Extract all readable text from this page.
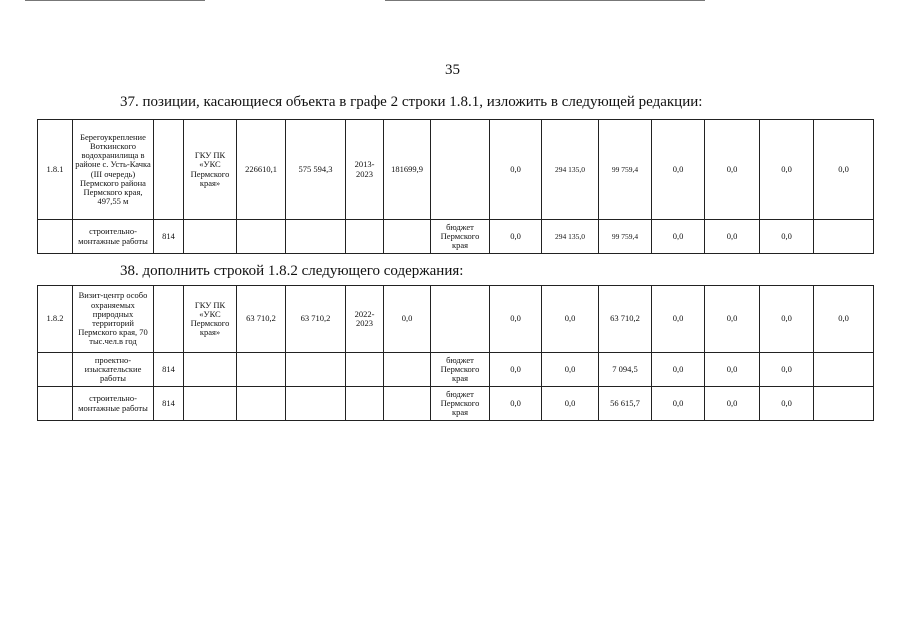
35
37. позиции, касающиеся объекта в графе 2 строки 1.8.1, изложить в следующей редакции:
1.8.1	Берегоукрепление Воткинского водохранилища в районе с. Усть-Качка (III очередь) Пермского района Пермского края, 497,55 м		ГКУ ПК «УКС Пермского края»	226610,1	575 594,3	2013-2023	181699,9		0,0	294 135,0	99 759,4	0,0	0,0	0,0	0,0
	строительно-монтажные работы	814						бюджет Пермского края	0,0	294 135,0	99 759,4	0,0	0,0	0,0	
38. дополнить строкой 1.8.2 следующего содержания:
1.8.2	Визит-центр особо охраняемых природных территорий Пермского края, 70 тыс.чел.в год		ГКУ ПК «УКС Пермского края»	63 710,2	63 710,2	2022-2023	0,0		0,0	0,0	63 710,2	0,0	0,0	0,0	0,0
	проектно-изыскательские работы	814						бюджет Пермского края	0,0	0,0	7 094,5	0,0	0,0	0,0	
	строительно-монтажные работы	814						бюджет Пермского края	0,0	0,0	56 615,7	0,0	0,0	0,0	
